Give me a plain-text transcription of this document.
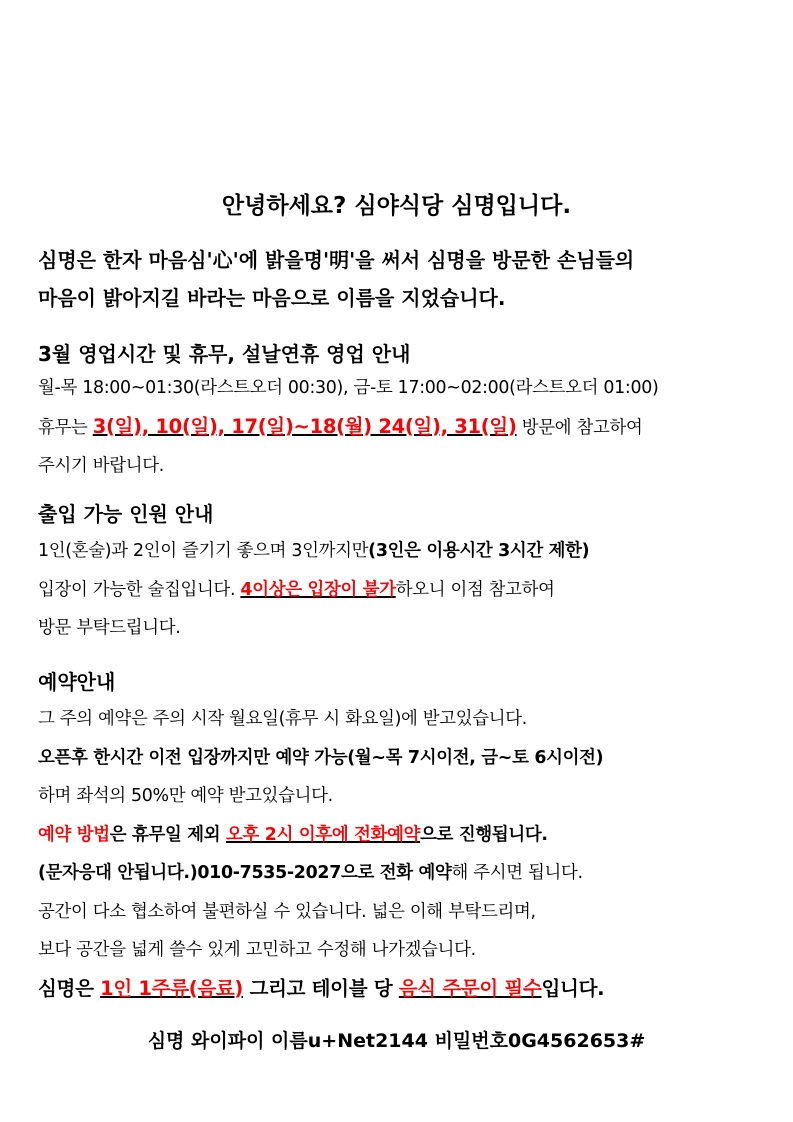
안녕하세요? 심야식당 심명입니다.
심명은 한자 마음심'心'에 밝을명'明'을 써서 심명을 방문한 손님들의
마음이 밝아지길 바라는 마음으로 이름을 지었습니다.
3월 영업시간 및 휴무, 설날연휴 영업 안내
월-목 18:00~01:30(라스트오더 00:30), 금-토 17:00~02:00(라스트오더 01:00)
휴무는 3(일), 10(일), 17(일)~18(월) 24(일), 31(일) 방문에 참고하여
주시기 바랍니다.
출입 가능 인원 안내
1인(혼술)과 2인이 즐기기 좋으며 3인까지만(3인은 이용시간 3시간 제한)
입장이 가능한 술집입니다. 4이상은 입장이 불가하오니 이점 참고하여
방문 부탁드립니다.
예약안내
그 주의 예약은 주의 시작 월요일(휴무 시 화요일)에 받고있습니다.
오픈후 한시간 이전 입장까지만 예약 가능(월~목 7시이전, 금~토 6시이전)
하며 좌석의 50%만 예약 받고있습니다.
예약 방법은 휴무일 제외 오후 2시 이후에 전화예약으로 진행됩니다.
(문자응대 안됩니다.)010-7535-2027으로 전화 예약해 주시면 됩니다.
공간이 다소 협소하여 불편하실 수 있습니다. 넓은 이해 부탁드리며,
보다 공간을 넓게 쓸수 있게 고민하고 수정해 나가겠습니다.
심명은 1인 1주류(음료) 그리고 테이블 당 음식 주문이 필수입니다.
심명 와이파이 이름u+Net2144 비밀번호0G4562653#
